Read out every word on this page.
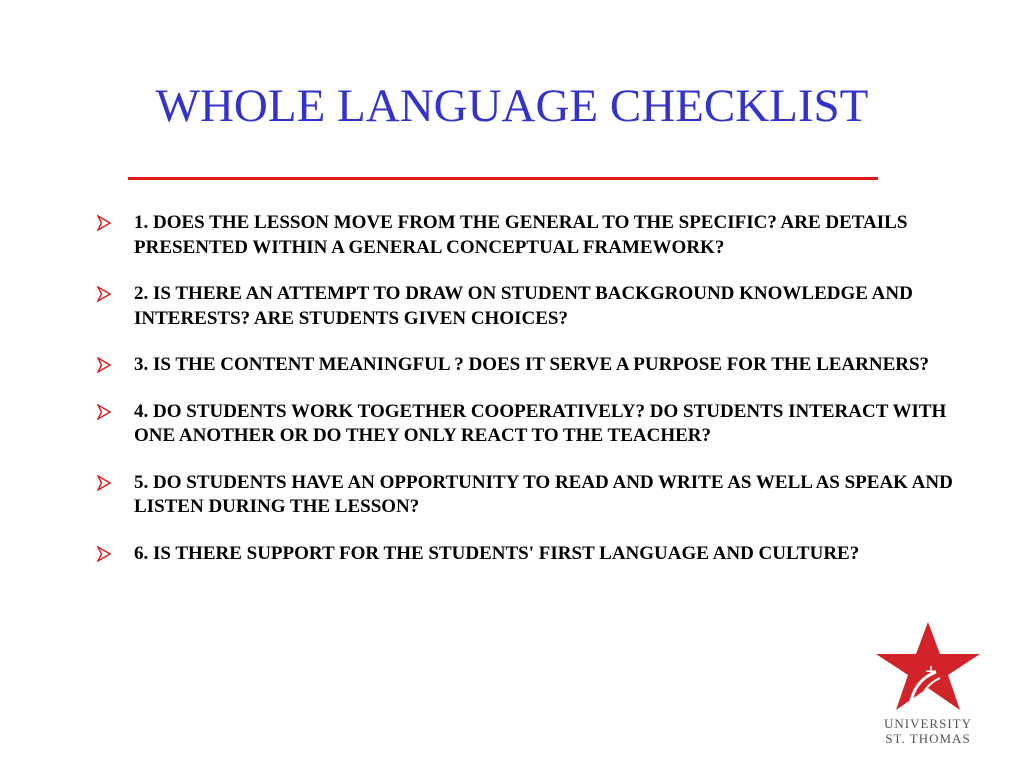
WHOLE LANGUAGE CHECKLIST
1. DOES THE LESSON MOVE FROM THE GENERAL TO THE SPECIFIC? ARE DETAILS PRESENTED WITHIN A GENERAL CONCEPTUAL FRAMEWORK?
2. IS THERE AN ATTEMPT TO DRAW ON STUDENT BACKGROUND KNOWLEDGE AND INTERESTS? ARE STUDENTS GIVEN CHOICES?
3. IS THE CONTENT MEANINGFUL ? DOES IT SERVE A PURPOSE FOR THE LEARNERS?
4. DO STUDENTS WORK TOGETHER COOPERATIVELY? DO STUDENTS INTERACT WITH ONE ANOTHER OR DO THEY ONLY REACT TO THE TEACHER?
5. DO STUDENTS HAVE AN OPPORTUNITY TO READ AND WRITE AS WELL AS SPEAK AND LISTEN DURING THE LESSON?
6. IS THERE SUPPORT FOR THE STUDENTS' FIRST LANGUAGE AND CULTURE?
+
UNIVERSITY
ST. THOMAS
